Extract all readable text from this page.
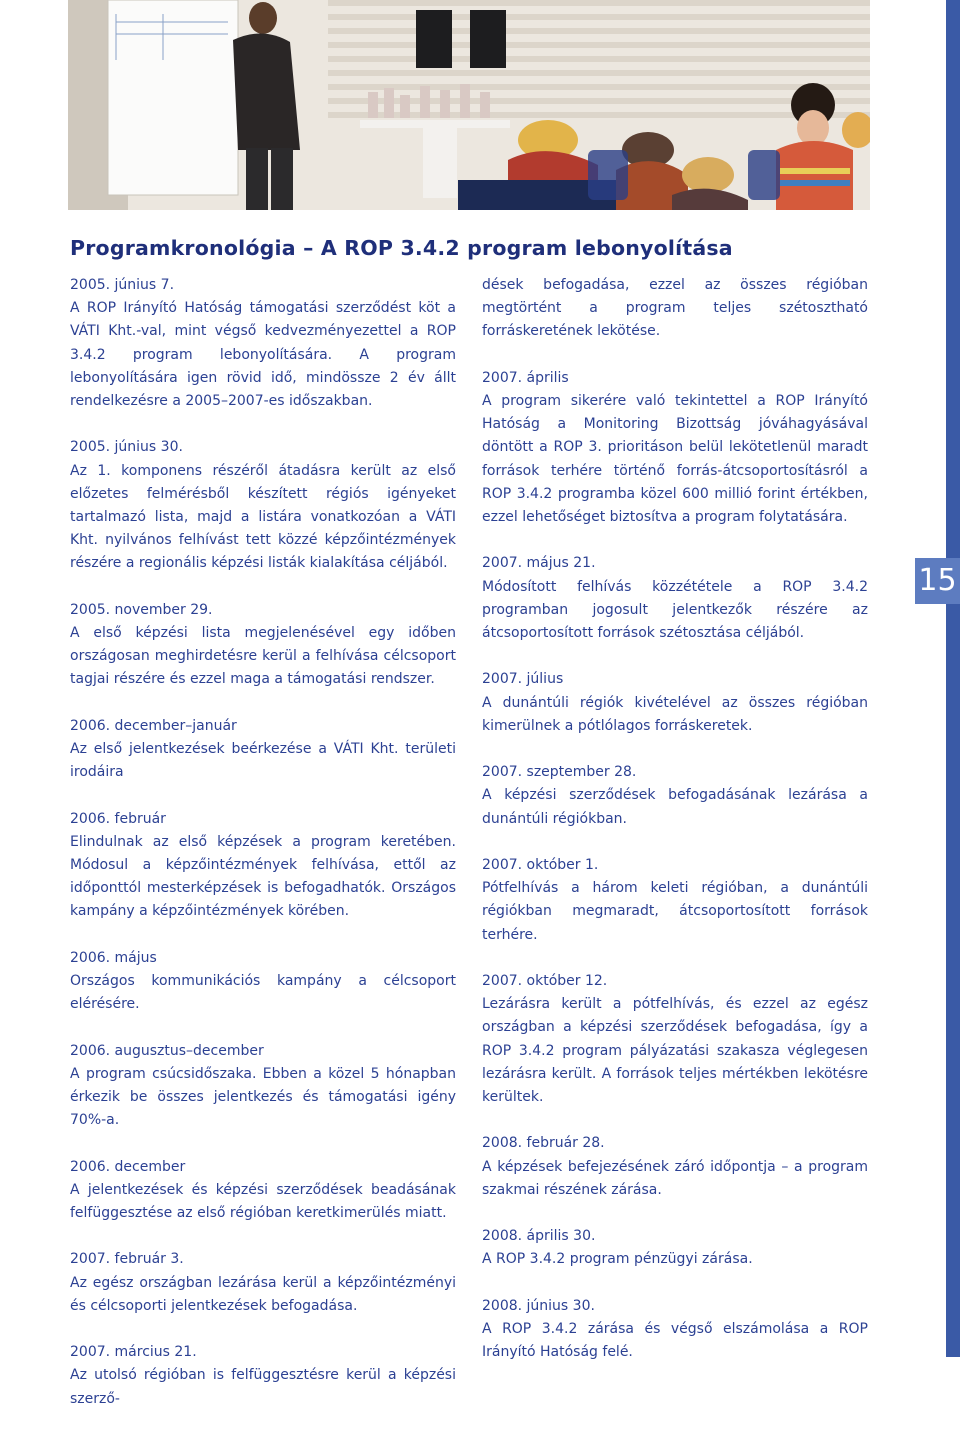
Programkronológia – A ROP 3.4.2 program lebonyolítása
2005. június 7.
A ROP Irányító Hatóság támogatási szerződést köt a VÁTI Kht.-val, mint végső kedvezményezettel a ROP 3.4.2 program lebonyolítására. A program lebonyolítására igen rövid idő, mindössze 2 év állt rendelkezésre a 2005–2007-es időszakban.
2005. június 30.
Az 1. komponens részéről átadásra került az első előzetes felmérésből készített régiós igényeket tartalmazó lista, majd a listára vonatkozóan a VÁTI Kht. nyilvános felhívást tett közzé képzőintézmények részére a regionális képzési listák kialakítása céljából.
2005. november 29.
A első képzési lista megjelenésével egy időben országosan meghirdetésre kerül a felhívása célcsoport tagjai részére és ezzel maga a támogatási rendszer.
2006. december–január
Az első jelentkezések beérkezése a VÁTI Kht. területi irodáira
2006. február
Elindulnak az első képzések a program keretében. Módosul a képzőintézmények felhívása, ettől az időponttól mesterképzések is befogadhatók. Országos kampány a képzőintézmények körében.
2006. május
Országos kommunikációs kampány a célcsoport elérésére.
2006. augusztus–december
A program csúcsidőszaka. Ebben a közel 5 hónapban érkezik be összes jelentkezés és támogatási igény 70%-a.
2006. december
A jelentkezések és képzési szerződések beadásának felfüggesztése az első régióban keretkimerülés miatt.
2007. február 3.
Az egész országban lezárása kerül a képzőintézményi és célcsoporti jelentkezések befogadása.
2007. március 21.
Az utolsó régióban is felfüggesztésre kerül a képzési szerző-
dések befogadása, ezzel az összes régióban megtörtént a program teljes szétosztható forráskeretének lekötése.
2007. április
A program sikerére való tekintettel a ROP Irányító Hatóság a Monitoring Bizottság jóváhagyásával döntött a ROP 3. prioritáson belül lekötetlenül maradt források terhére történő forrás-átcsoportosításról a ROP 3.4.2 programba közel 600 millió forint értékben, ezzel lehetőséget biztosítva a program folytatására.
2007. május 21.
Módosított felhívás közzététele a ROP 3.4.2 programban jogosult jelentkezők részére az átcsoportosított források szétosztása céljából.
2007. július
A dunántúli régiók kivételével az összes régióban kimerülnek a pótlólagos forráskeretek.
2007. szeptember 28.
A képzési szerződések befogadásának lezárása a dunántúli régiókban.
2007. október 1.
Pótfelhívás a három keleti régióban, a dunántúli régiókban megmaradt, átcsoportosított források terhére.
2007. október 12.
Lezárásra került a pótfelhívás, és ezzel az egész országban a képzési szerződések befogadása, így a ROP 3.4.2 program pályázatási szakasza véglegesen lezárásra került. A források teljes mértékben lekötésre kerültek.
2008. február 28.
A képzések befejezésének záró időpontja – a program szakmai részének zárása.
2008. április 30.
A ROP 3.4.2 program pénzügyi zárása.
2008. június 30.
A ROP 3.4.2 zárása és végső elszámolása a ROP Irányító Hatóság felé.
15
